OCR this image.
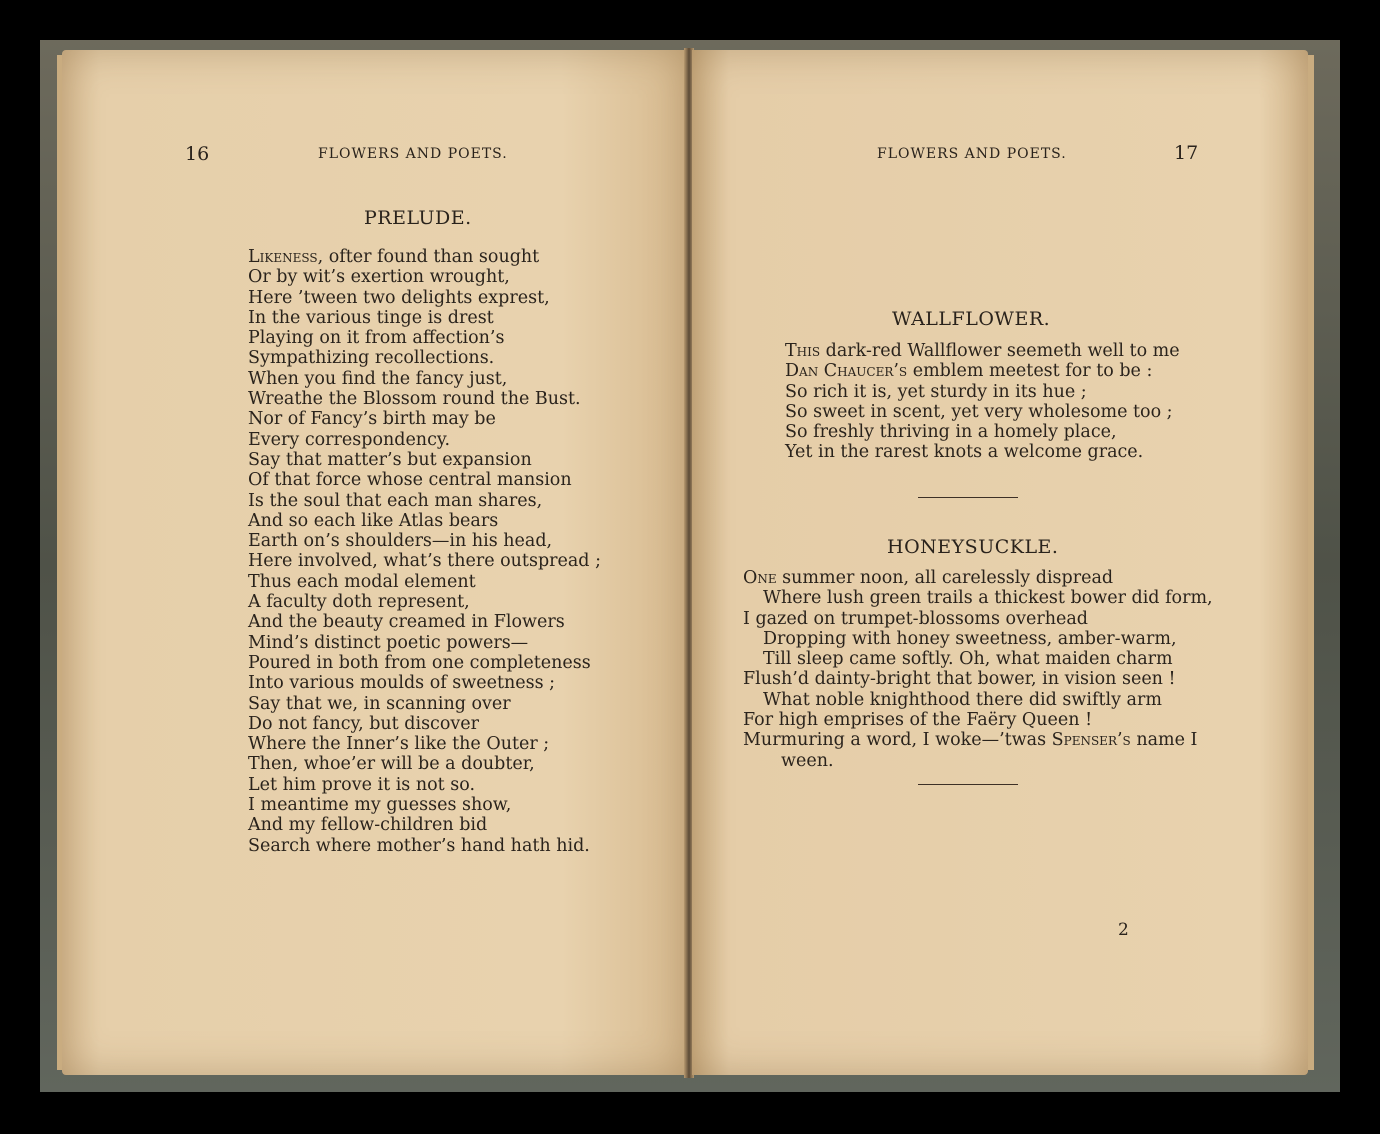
16	FLOWERS AND POETS.
PRELUDE.
Likeness, ofter found than sought
Or by wit’s exertion wrought,
Here ’tween two delights exprest,
In the various tinge is drest
Playing on it from affection’s
Sympathizing recollections.
When you find the fancy just,
Wreathe the Blossom round the Bust.
Nor of Fancy’s birth may be
Every correspondency.
Say that matter’s but expansion
Of that force whose central mansion
Is the soul that each man shares,
And so each like Atlas bears
Earth on’s shoulders—in his head,
Here involved, what’s there outspread ;
Thus each modal element
A faculty doth represent,
And the beauty creamed in Flowers
Mind’s distinct poetic powers—
Poured in both from one completeness
Into various moulds of sweetness ;
Say that we, in scanning over
Do not fancy, but discover
Where the Inner’s like the Outer ;
Then, whoe’er will be a doubter,
Let him prove it is not so.
I meantime my guesses show,
And my fellow-children bid
Search where mother’s hand hath hid.
FLOWERS AND POETS.	17
WALLFLOWER.
This dark-red Wallflower seemeth well to me
Dan Chaucer’s emblem meetest for to be :
So rich it is, yet sturdy in its hue ;
So sweet in scent, yet very wholesome too ;
So freshly thriving in a homely place,
Yet in the rarest knots a welcome grace.
HONEYSUCKLE.
One summer noon, all carelessly dispread
Where lush green trails a thickest bower did form,
I gazed on trumpet-blossoms overhead
Dropping with honey sweetness, amber-warm,
Till sleep came softly. Oh, what maiden charm
Flush’d dainty-bright that bower, in vision seen !
What noble knighthood there did swiftly arm
For high emprises of the Faëry Queen !
Murmuring a word, I woke—’twas Spenser’s name I
ween.
2
